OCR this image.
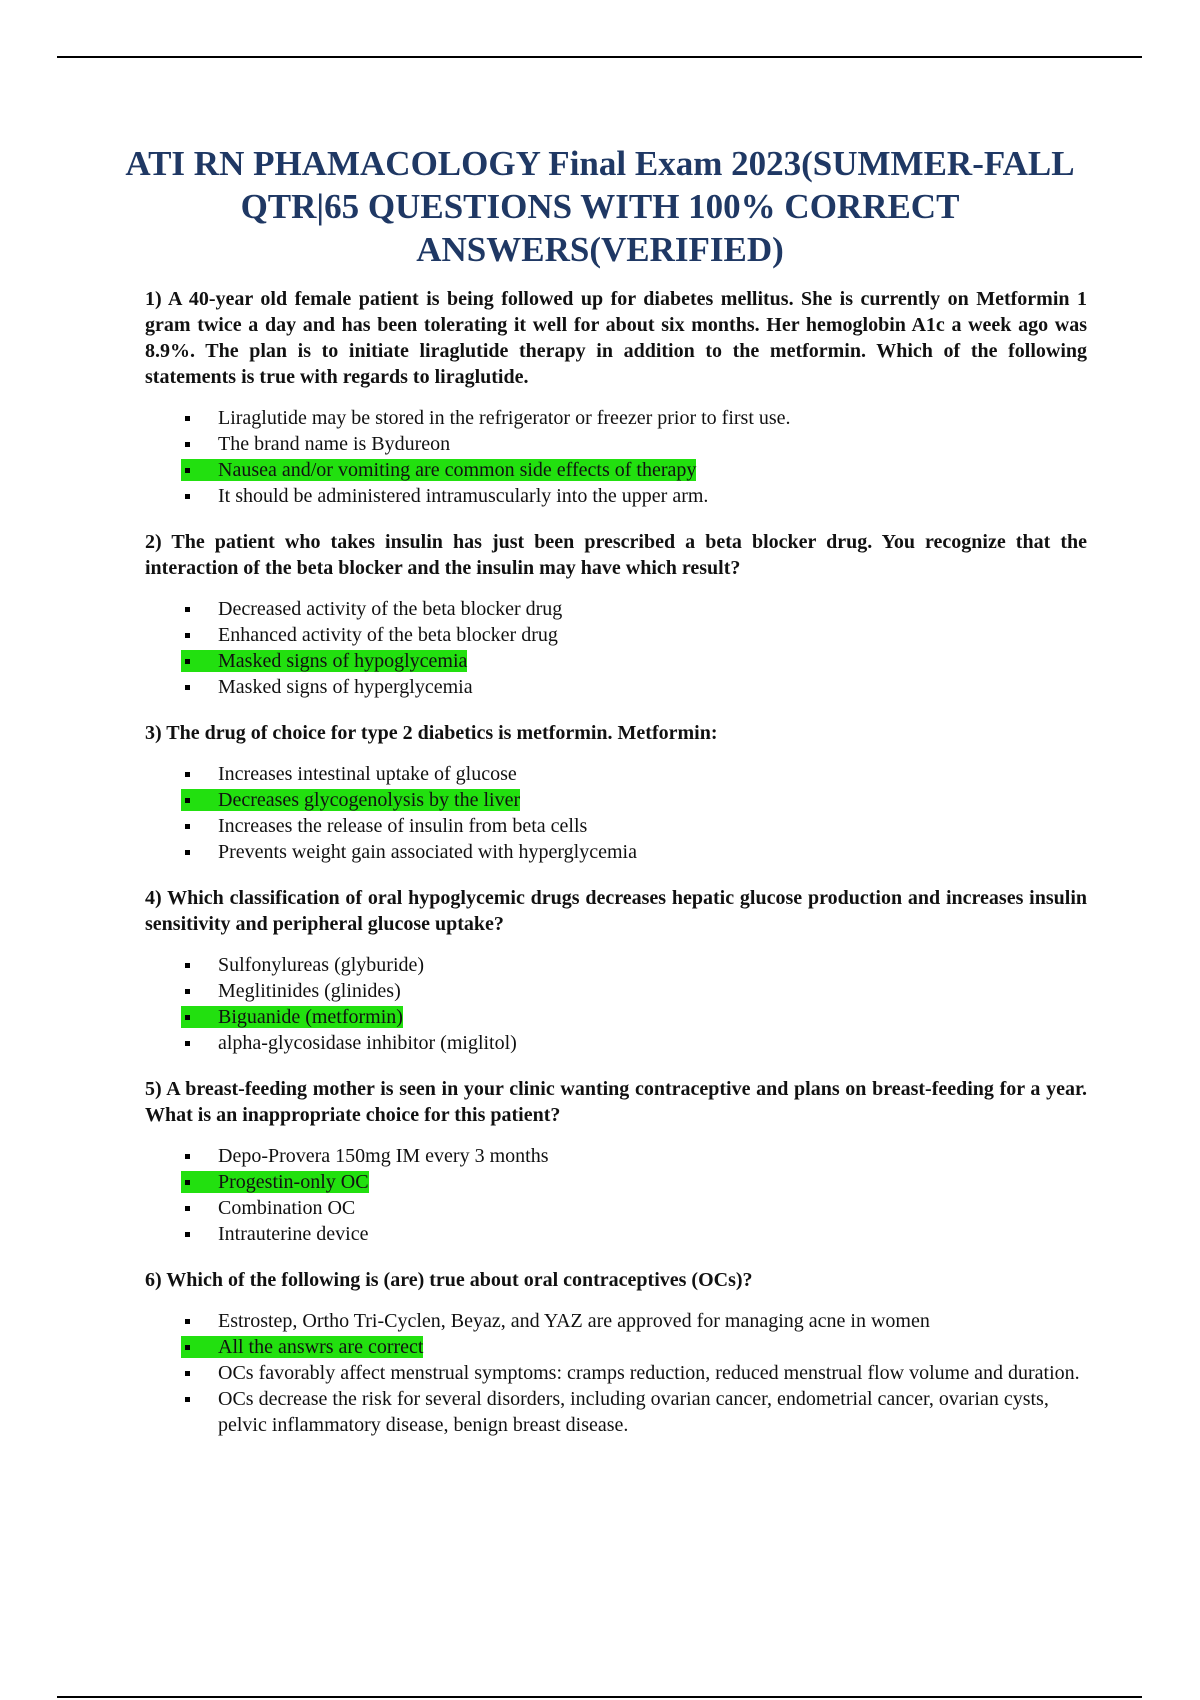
ATI RN PHAMACOLOGY Final Exam 2023(SUMMER-FALL QTR|65 QUESTIONS WITH 100% CORRECT ANSWERS(VERIFIED)
1) A 40-year old female patient is being followed up for diabetes mellitus. She is currently on Metformin 1 gram twice a day and has been tolerating it well for about six months. Her hemoglobin A1c a week ago was 8.9%. The plan is to initiate liraglutide therapy in addition to the metformin. Which of the following statements is true with regards to liraglutide.
Liraglutide may be stored in the refrigerator or freezer prior to first use.
The brand name is Bydureon
Nausea and/or vomiting are common side effects of therapy
It should be administered intramuscularly into the upper arm.
2) The patient who takes insulin has just been prescribed a beta blocker drug. You recognize that the interaction of the beta blocker and the insulin may have which result?
Decreased activity of the beta blocker drug
Enhanced activity of the beta blocker drug
Masked signs of hypoglycemia
Masked signs of hyperglycemia
3) The drug of choice for type 2 diabetics is metformin. Metformin:
Increases intestinal uptake of glucose
Decreases glycogenolysis by the liver
Increases the release of insulin from beta cells
Prevents weight gain associated with hyperglycemia
4) Which classification of oral hypoglycemic drugs decreases hepatic glucose production and increases insulin sensitivity and peripheral glucose uptake?
Sulfonylureas (glyburide)
Meglitinides (glinides)
Biguanide (metformin)
alpha-glycosidase inhibitor (miglitol)
5) A breast-feeding mother is seen in your clinic wanting contraceptive and plans on breast-feeding for a year. What is an inappropriate choice for this patient?
Depo-Provera 150mg IM every 3 months
Progestin-only OC
Combination OC
Intrauterine device
6) Which of the following is (are) true about oral contraceptives (OCs)?
Estrostep, Ortho Tri-Cyclen, Beyaz, and YAZ are approved for managing acne in women
All the answrs are correct
OCs favorably affect menstrual symptoms: cramps reduction, reduced menstrual flow volume and duration.
OCs decrease the risk for several disorders, including ovarian cancer, endometrial cancer, ovarian cysts, pelvic inflammatory disease, benign breast disease.
